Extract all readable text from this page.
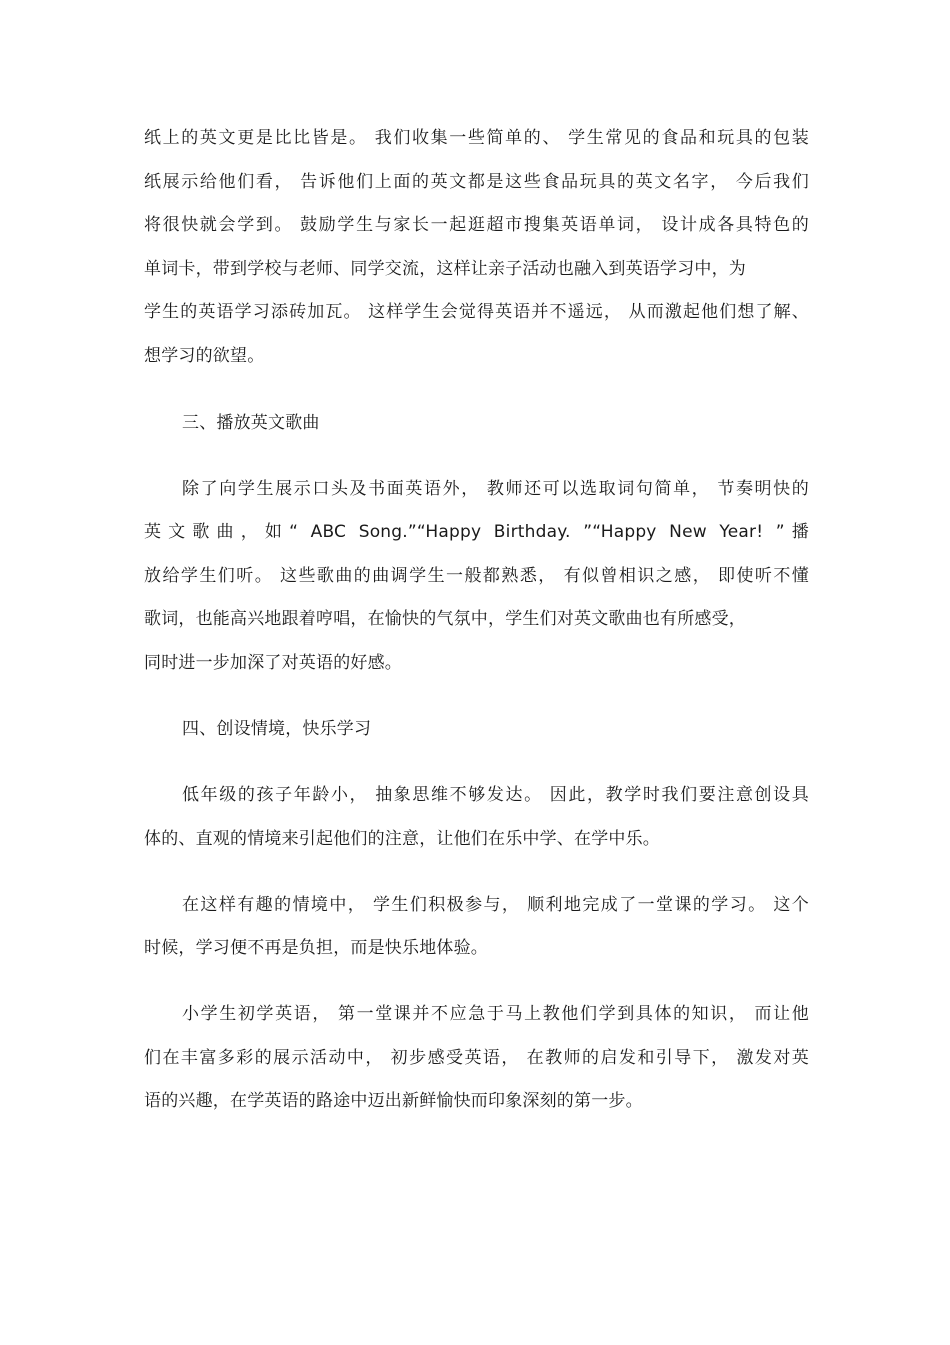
纸上的英文更是比比皆是。 我们收集一些简单的、 学生常见的食品和玩具的包装
纸展示给他们看， 告诉他们上面的英文都是这些食品玩具的英文名字， 今后我们
将很快就会学到。 鼓励学生与家长一起逛超市搜集英语单词， 设计成各具特色的
单词卡，带到学校与老师、同学交流，这样让亲子活动也融入到英语学习中，为
学生的英语学习添砖加瓦。 这样学生会觉得英语并不遥远， 从而激起他们想了解、
想学习的欲望。
三、播放英文歌曲
除了向学生展示口头及书面英语外， 教师还可以选取词句简单， 节奏明快的
英文歌曲，如“ ABC Song.”“Happy Birthday. ”“Happy New Year! ”播
放给学生们听。 这些歌曲的曲调学生一般都熟悉， 有似曾相识之感， 即使听不懂
歌词，也能高兴地跟着哼唱，在愉快的气氛中，学生们对英文歌曲也有所感受，
同时进一步加深了对英语的好感。
四、创设情境，快乐学习
低年级的孩子年龄小， 抽象思维不够发达。 因此，教学时我们要注意创设具
体的、直观的情境来引起他们的注意，让他们在乐中学、在学中乐。
在这样有趣的情境中， 学生们积极参与， 顺利地完成了一堂课的学习。 这个
时候，学习便不再是负担，而是快乐地体验。
小学生初学英语， 第一堂课并不应急于马上教他们学到具体的知识， 而让他
们在丰富多彩的展示活动中， 初步感受英语， 在教师的启发和引导下， 激发对英
语的兴趣，在学英语的路途中迈出新鲜愉快而印象深刻的第一步。
